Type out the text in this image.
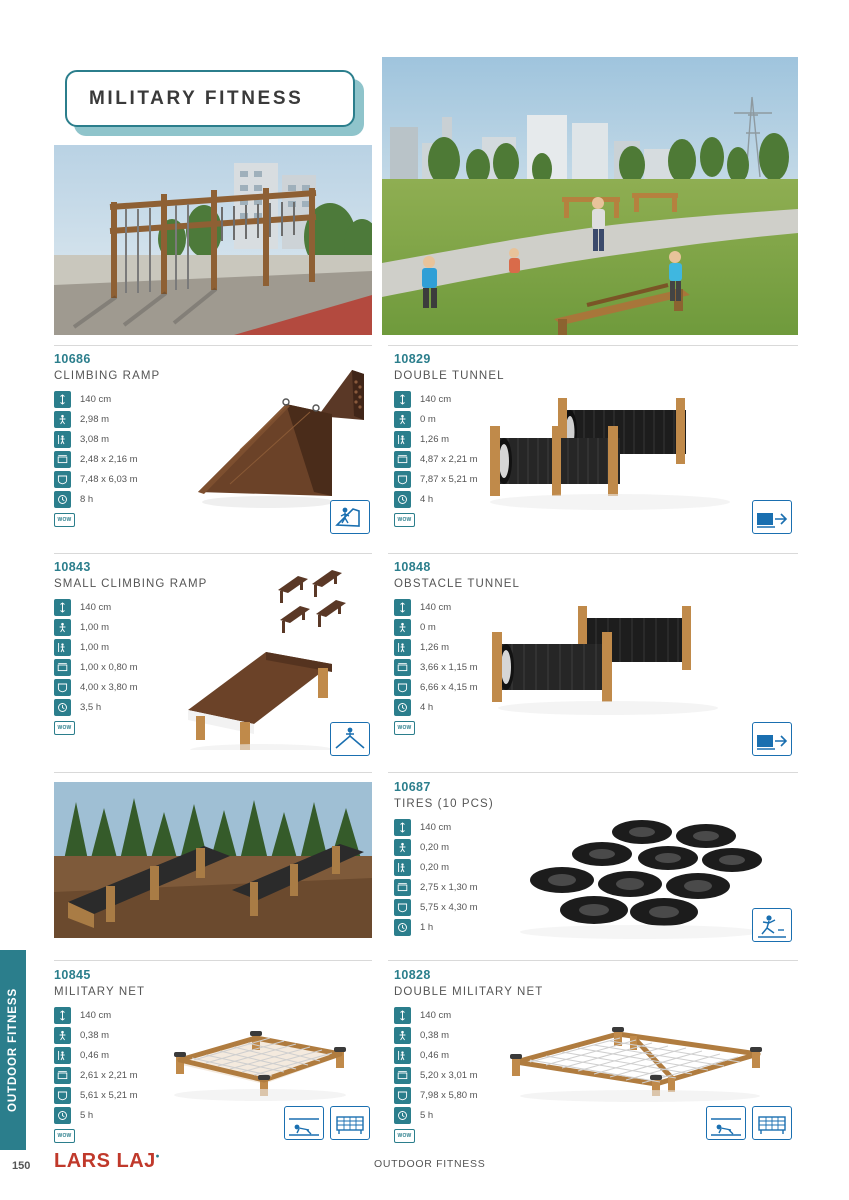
OUTDOOR FITNESS
MILITARY FITNESS
10686
CLIMBING RAMP
140 cm
2,98 m
3,08 m
2,48 x 2,16 m
7,48 x 6,03 m
8 h
WOW
10829
DOUBLE TUNNEL
140 cm
0 m
1,26 m
4,87 x 2,21 m
7,87 x 5,21 m
4 h
WOW
10843
SMALL CLIMBING RAMP
140 cm
1,00 m
1,00 m
1,00 x 0,80 m
4,00 x 3,80 m
3,5 h
WOW
10848
OBSTACLE TUNNEL
140 cm
0 m
1,26 m
3,66 x 1,15 m
6,66 x 4,15 m
4 h
WOW
10687
TIRES (10 PCS)
140 cm
0,20 m
0,20 m
2,75 x 1,30 m
5,75 x 4,30 m
1 h
10845
MILITARY NET
140 cm
0,38 m
0,46 m
2,61 x 2,21 m
5,61 x 5,21 m
5 h
WOW
10828
DOUBLE MILITARY NET
140 cm
0,38 m
0,46 m
5,20 x 3,01 m
7,98 x 5,80 m
5 h
WOW
150 LARS LAJ•
OUTDOOR FITNESS
